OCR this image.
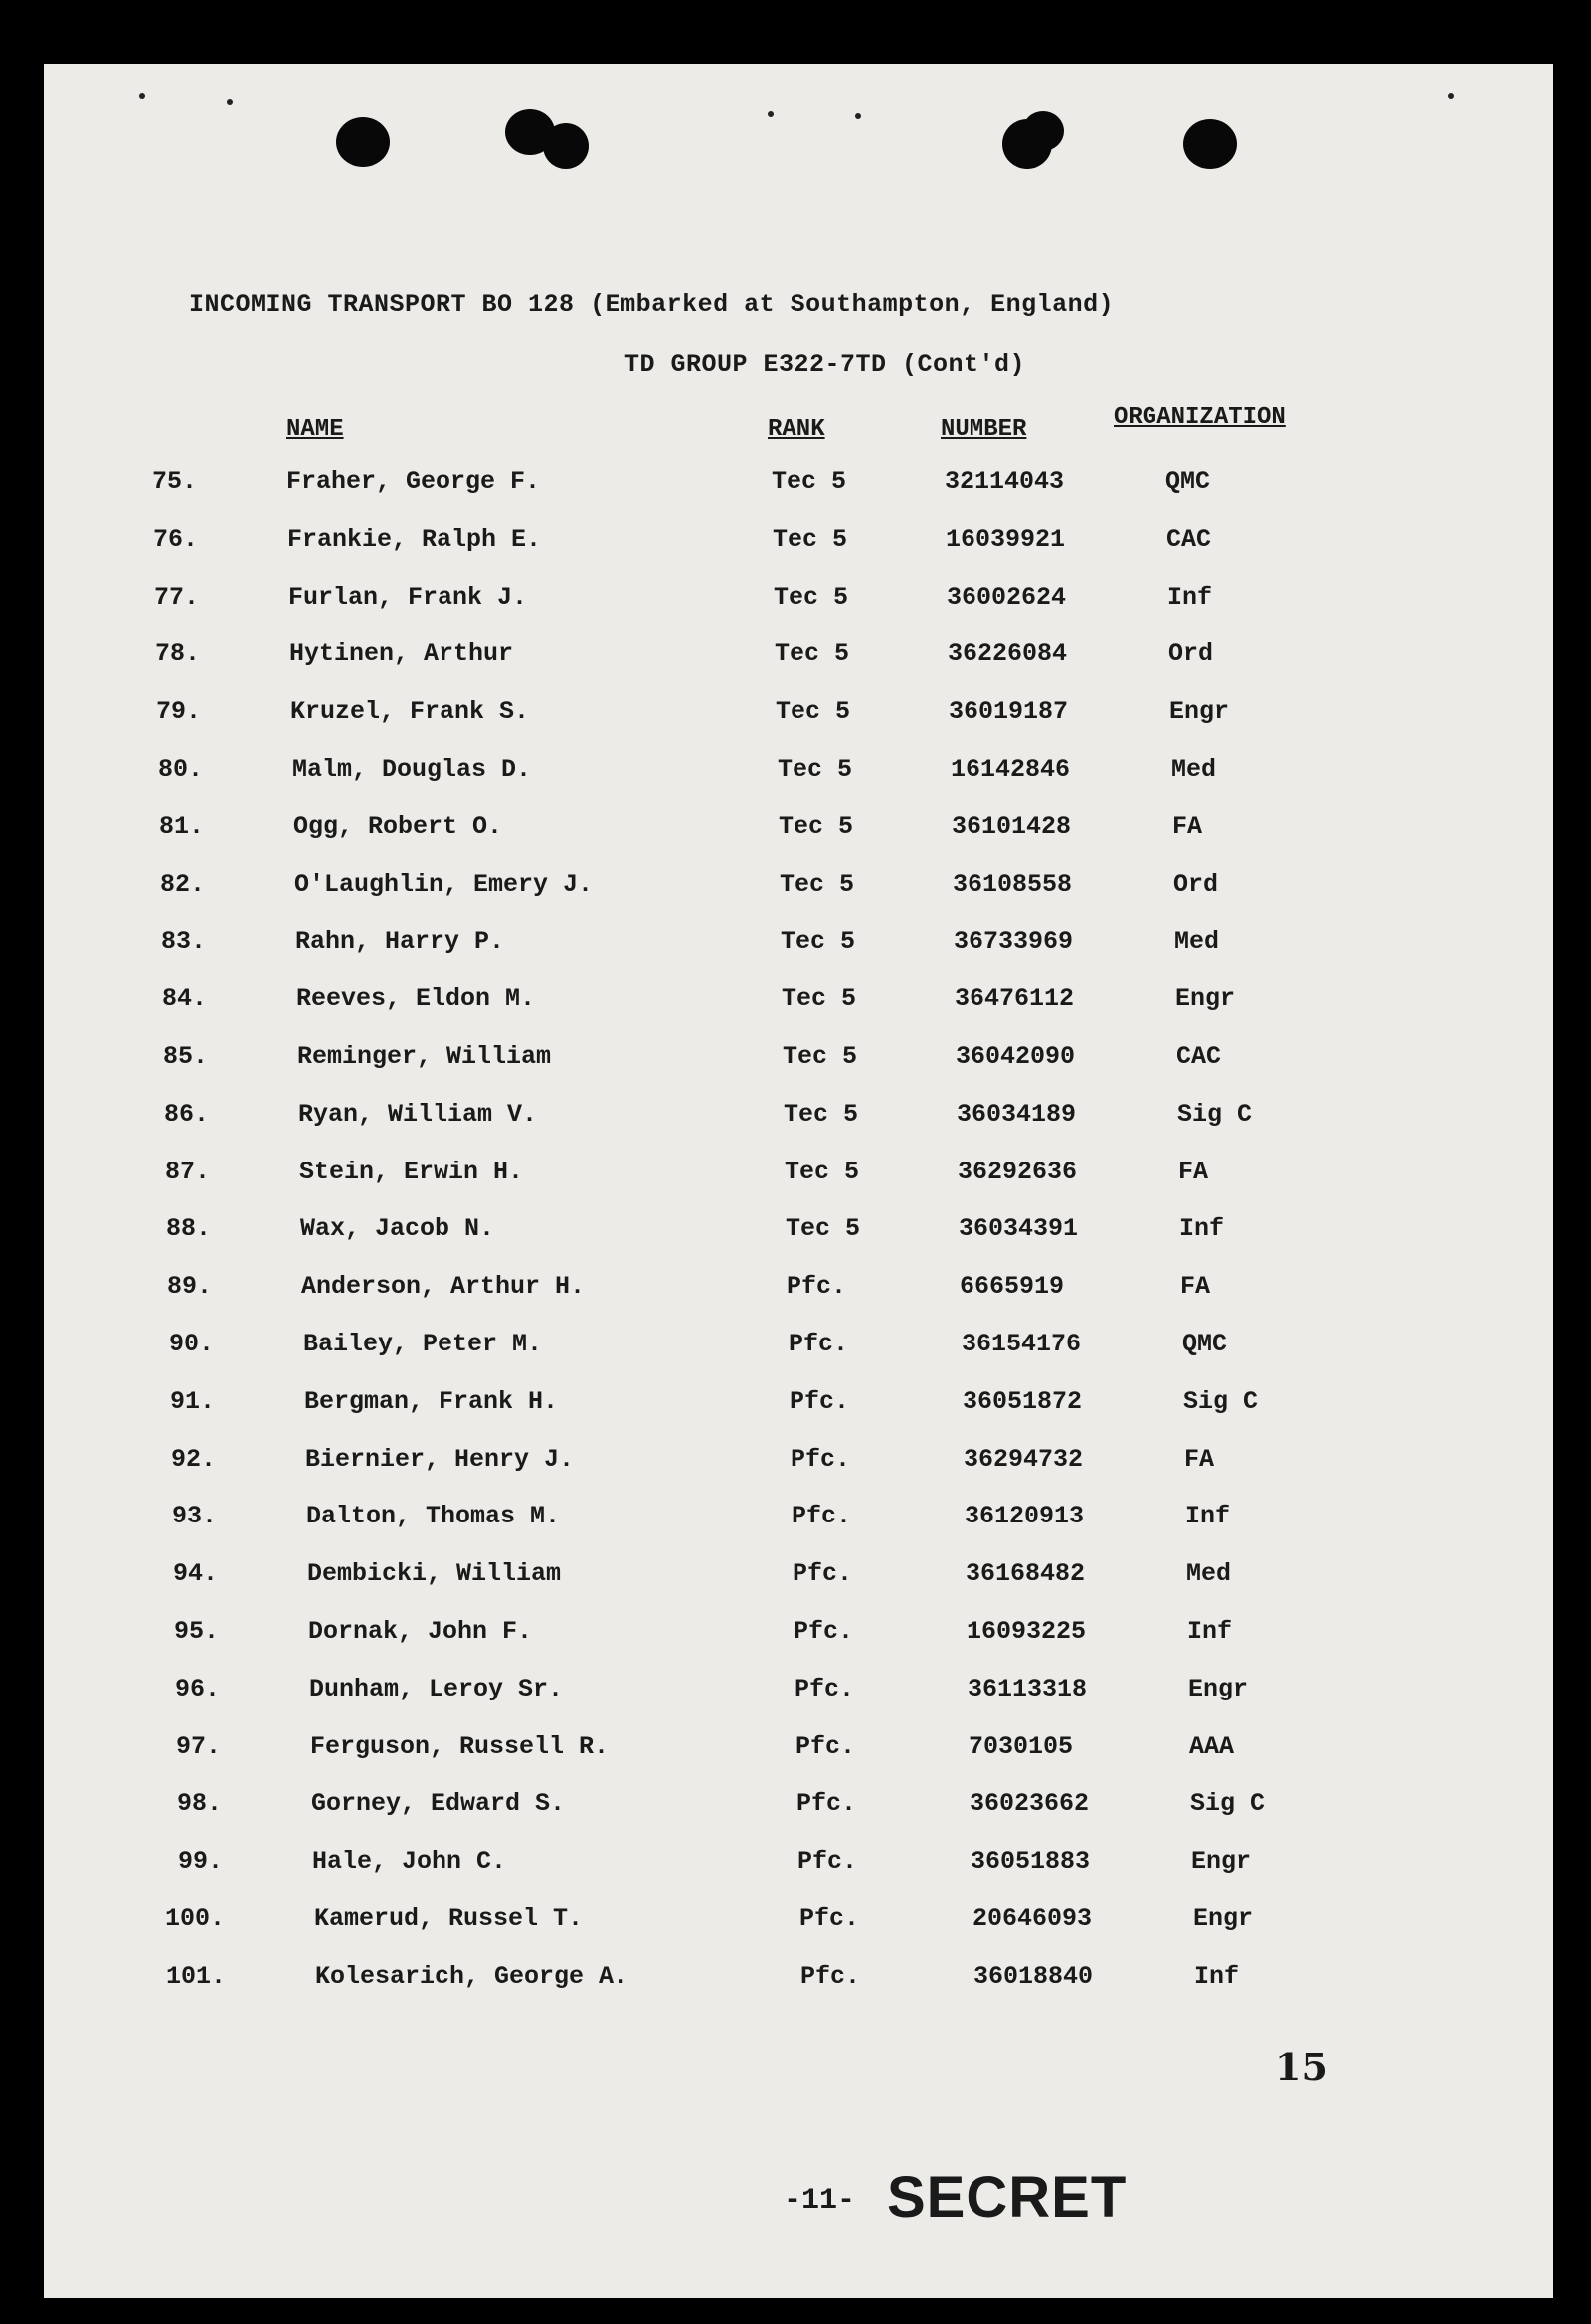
INCOMING TRANSPORT BO 128 (Embarked at Southampton, England)
TD GROUP E322-7TD (Cont'd)
NAME	RANK	NUMBER	ORGANIZATION
75.	Fraher, George F.	Tec 5	32114043	QMC
76.	Frankie, Ralph E.	Tec 5	16039921	CAC
77.	Furlan, Frank J.	Tec 5	36002624	Inf
78.	Hytinen, Arthur	Tec 5	36226084	Ord
79.	Kruzel, Frank S.	Tec 5	36019187	Engr
80.	Malm, Douglas D.	Tec 5	16142846	Med
81.	Ogg, Robert O.	Tec 5	36101428	FA
82.	O'Laughlin, Emery J.	Tec 5	36108558	Ord
83.	Rahn, Harry P.	Tec 5	36733969	Med
84.	Reeves, Eldon M.	Tec 5	36476112	Engr
85.	Reminger, William	Tec 5	36042090	CAC
86.	Ryan, William V.	Tec 5	36034189	Sig C
87.	Stein, Erwin H.	Tec 5	36292636	FA
88.	Wax, Jacob N.	Tec 5	36034391	Inf
89.	Anderson, Arthur H.	Pfc.	6665919	FA
90.	Bailey, Peter M.	Pfc.	36154176	QMC
91.	Bergman, Frank H.	Pfc.	36051872	Sig C
92.	Biernier, Henry J.	Pfc.	36294732	FA
93.	Dalton, Thomas M.	Pfc.	36120913	Inf
94.	Dembicki, William	Pfc.	36168482	Med
95.	Dornak, John F.	Pfc.	16093225	Inf
96.	Dunham, Leroy Sr.	Pfc.	36113318	Engr
97.	Ferguson, Russell R.	Pfc.	7030105	AAA
98.	Gorney, Edward S.	Pfc.	36023662	Sig C
99.	Hale, John C.	Pfc.	36051883	Engr
100.	Kamerud, Russel T.	Pfc.	20646093	Engr
101.	Kolesarich, George A.	Pfc.	36018840	Inf
15
-11- SECRET
